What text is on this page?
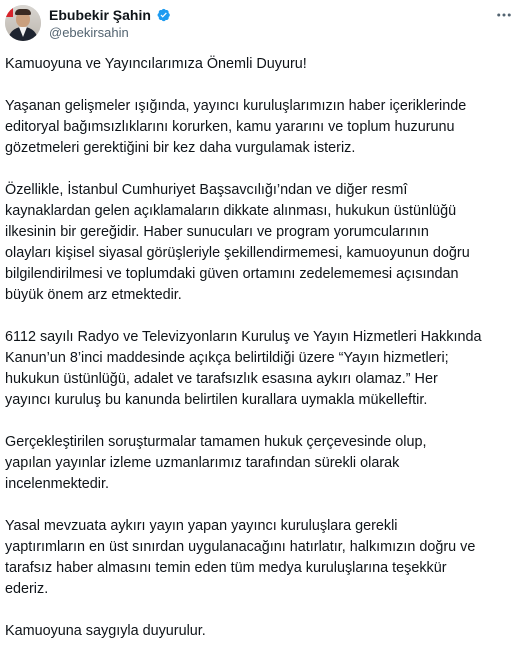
Ebubekir Şahin
@ebekirsahin

Kamuoyuna ve Yayıncılarımıza Önemli Duyuru!

Yaşanan gelişmeler ışığında, yayıncı kuruluşlarımızın haber içeriklerinde
editoryal bağımsızlıklarını korurken, kamu yararını ve toplum huzurunu
gözetmeleri gerektiğini bir kez daha vurgulamak isteriz.

Özellikle, İstanbul Cumhuriyet Başsavcılığı’ndan ve diğer resmî
kaynaklardan gelen açıklamaların dikkate alınması, hukukun üstünlüğü
ilkesinin bir gereğidir. Haber sunucuları ve program yorumcularının
olayları kişisel siyasal görüşleriyle şekillendirmemesi, kamuoyunun doğru
bilgilendirilmesi ve toplumdaki güven ortamını zedelememesi açısından
büyük önem arz etmektedir.

6112 sayılı Radyo ve Televizyonların Kuruluş ve Yayın Hizmetleri Hakkında
Kanun’un 8’inci maddesinde açıkça belirtildiği üzere “Yayın hizmetleri;
hukukun üstünlüğü, adalet ve tarafsızlık esasına aykırı olamaz.” Her
yayıncı kuruluş bu kanunda belirtilen kurallara uymakla mükelleftir.

Gerçekleştirilen soruşturmalar tamamen hukuk çerçevesinde olup,
yapılan yayınlar izleme uzmanlarımız tarafından sürekli olarak
incelenmektedir.

Yasal mevzuata aykırı yayın yapan yayıncı kuruluşlara gerekli
yaptırımların en üst sınırdan uygulanacağını hatırlatır, halkımızın doğru ve
tarafsız haber almasını temin eden tüm medya kuruluşlarına teşekkür
ederiz.

Kamuoyuna saygıyla duyurulur.
